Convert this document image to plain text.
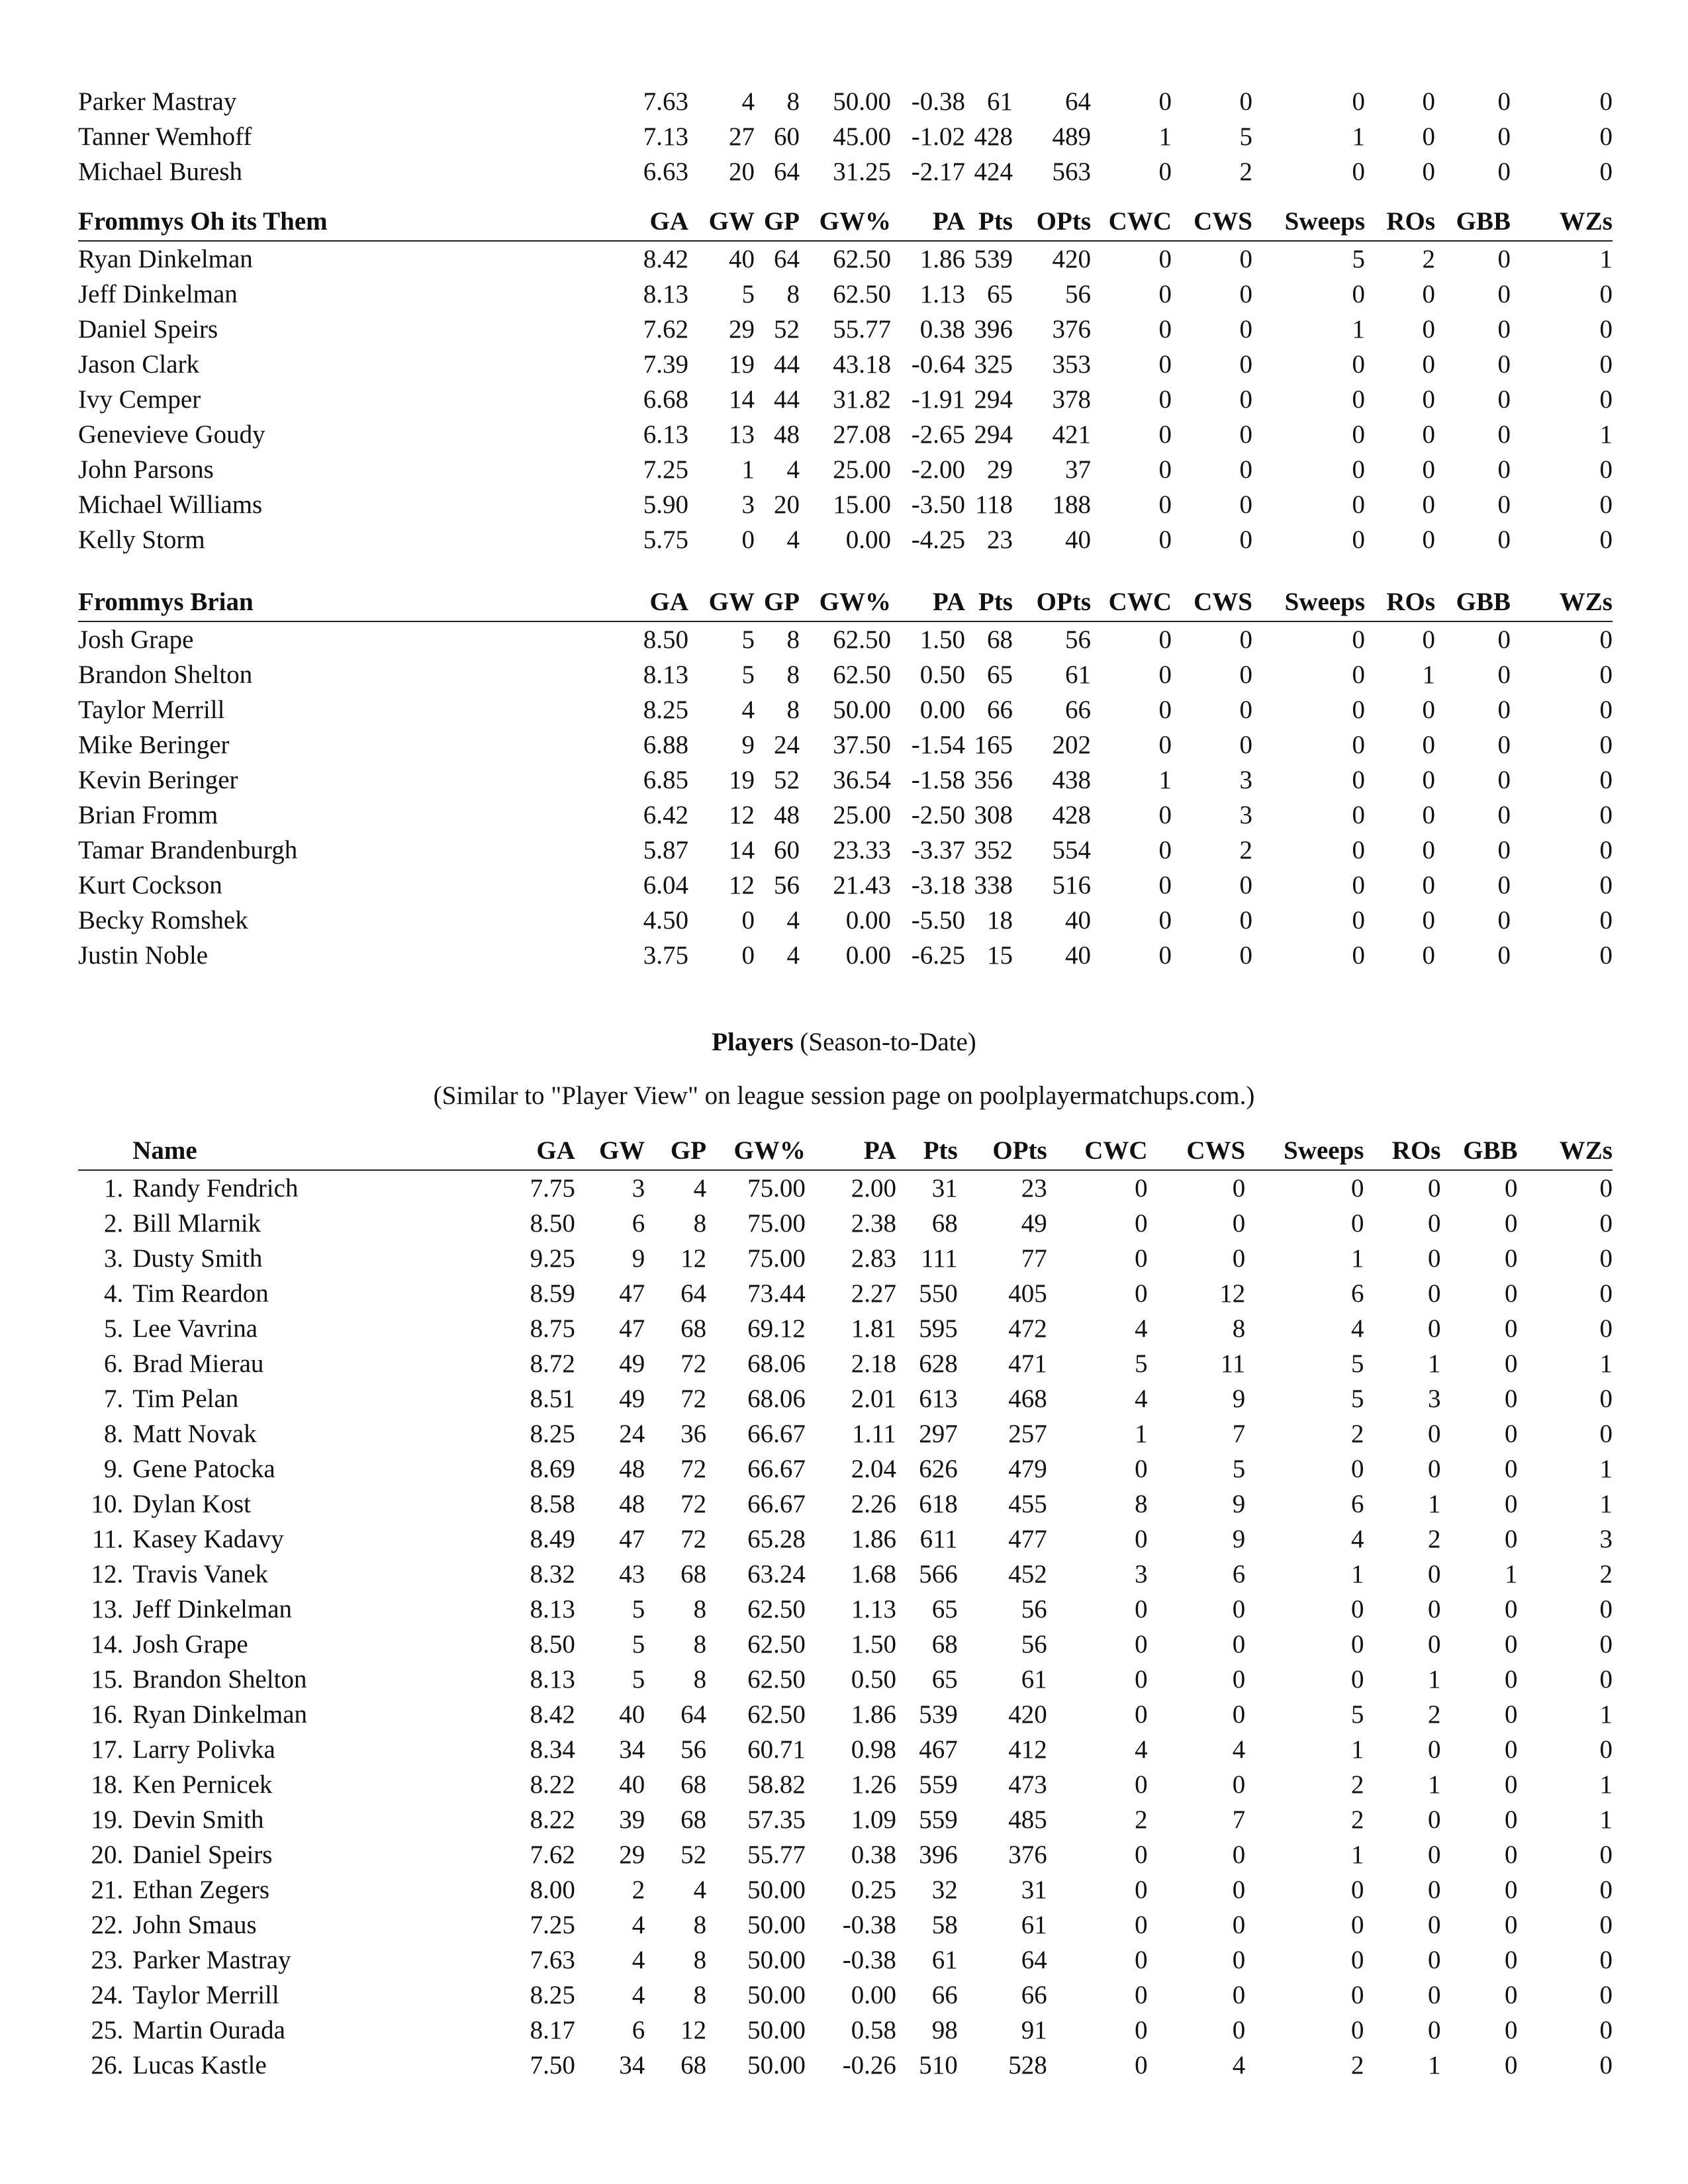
Parker Mastray	7.63	4	8	50.00	-0.38	61	64	0	0	0	0	0	0
Tanner Wemhoff	7.13	27	60	45.00	-1.02	428	489	1	5	1	0	0	0
Michael Buresh	6.63	20	64	31.25	-2.17	424	563	0	2	0	0	0	0
Frommys Oh its Them	GA	GW	GP	GW%	PA	Pts	OPts	CWC	CWS	Sweeps	ROs	GBB	WZs
Ryan Dinkelman	8.42	40	64	62.50	1.86	539	420	0	0	5	2	0	1
Jeff Dinkelman	8.13	5	8	62.50	1.13	65	56	0	0	0	0	0	0
Daniel Speirs	7.62	29	52	55.77	0.38	396	376	0	0	1	0	0	0
Jason Clark	7.39	19	44	43.18	-0.64	325	353	0	0	0	0	0	0
Ivy Cemper	6.68	14	44	31.82	-1.91	294	378	0	0	0	0	0	0
Genevieve Goudy	6.13	13	48	27.08	-2.65	294	421	0	0	0	0	0	1
John Parsons	7.25	1	4	25.00	-2.00	29	37	0	0	0	0	0	0
Michael Williams	5.90	3	20	15.00	-3.50	118	188	0	0	0	0	0	0
Kelly Storm	5.75	0	4	0.00	-4.25	23	40	0	0	0	0	0	0
Frommys Brian	GA	GW	GP	GW%	PA	Pts	OPts	CWC	CWS	Sweeps	ROs	GBB	WZs
Josh Grape	8.50	5	8	62.50	1.50	68	56	0	0	0	0	0	0
Brandon Shelton	8.13	5	8	62.50	0.50	65	61	0	0	0	1	0	0
Taylor Merrill	8.25	4	8	50.00	0.00	66	66	0	0	0	0	0	0
Mike Beringer	6.88	9	24	37.50	-1.54	165	202	0	0	0	0	0	0
Kevin Beringer	6.85	19	52	36.54	-1.58	356	438	1	3	0	0	0	0
Brian Fromm	6.42	12	48	25.00	-2.50	308	428	0	3	0	0	0	0
Tamar Brandenburgh	5.87	14	60	23.33	-3.37	352	554	0	2	0	0	0	0
Kurt Cockson	6.04	12	56	21.43	-3.18	338	516	0	0	0	0	0	0
Becky Romshek	4.50	0	4	0.00	-5.50	18	40	0	0	0	0	0	0
Justin Noble	3.75	0	4	0.00	-6.25	15	40	0	0	0	0	0	0
Players (Season-to-Date)
(Similar to "Player View" on league session page on poolplayermatchups.com.)
	Name	GA	GW	GP	GW%	PA	Pts	OPts	CWC	CWS	Sweeps	ROs	GBB	WZs
1.	Randy Fendrich	7.75	3	4	75.00	2.00	31	23	0	0	0	0	0	0
2.	Bill Mlarnik	8.50	6	8	75.00	2.38	68	49	0	0	0	0	0	0
3.	Dusty Smith	9.25	9	12	75.00	2.83	111	77	0	0	1	0	0	0
4.	Tim Reardon	8.59	47	64	73.44	2.27	550	405	0	12	6	0	0	0
5.	Lee Vavrina	8.75	47	68	69.12	1.81	595	472	4	8	4	0	0	0
6.	Brad Mierau	8.72	49	72	68.06	2.18	628	471	5	11	5	1	0	1
7.	Tim Pelan	8.51	49	72	68.06	2.01	613	468	4	9	5	3	0	0
8.	Matt Novak	8.25	24	36	66.67	1.11	297	257	1	7	2	0	0	0
9.	Gene Patocka	8.69	48	72	66.67	2.04	626	479	0	5	0	0	0	1
10.	Dylan Kost	8.58	48	72	66.67	2.26	618	455	8	9	6	1	0	1
11.	Kasey Kadavy	8.49	47	72	65.28	1.86	611	477	0	9	4	2	0	3
12.	Travis Vanek	8.32	43	68	63.24	1.68	566	452	3	6	1	0	1	2
13.	Jeff Dinkelman	8.13	5	8	62.50	1.13	65	56	0	0	0	0	0	0
14.	Josh Grape	8.50	5	8	62.50	1.50	68	56	0	0	0	0	0	0
15.	Brandon Shelton	8.13	5	8	62.50	0.50	65	61	0	0	0	1	0	0
16.	Ryan Dinkelman	8.42	40	64	62.50	1.86	539	420	0	0	5	2	0	1
17.	Larry Polivka	8.34	34	56	60.71	0.98	467	412	4	4	1	0	0	0
18.	Ken Pernicek	8.22	40	68	58.82	1.26	559	473	0	0	2	1	0	1
19.	Devin Smith	8.22	39	68	57.35	1.09	559	485	2	7	2	0	0	1
20.	Daniel Speirs	7.62	29	52	55.77	0.38	396	376	0	0	1	0	0	0
21.	Ethan Zegers	8.00	2	4	50.00	0.25	32	31	0	0	0	0	0	0
22.	John Smaus	7.25	4	8	50.00	-0.38	58	61	0	0	0	0	0	0
23.	Parker Mastray	7.63	4	8	50.00	-0.38	61	64	0	0	0	0	0	0
24.	Taylor Merrill	8.25	4	8	50.00	0.00	66	66	0	0	0	0	0	0
25.	Martin Ourada	8.17	6	12	50.00	0.58	98	91	0	0	0	0	0	0
26.	Lucas Kastle	7.50	34	68	50.00	-0.26	510	528	0	4	2	1	0	0
